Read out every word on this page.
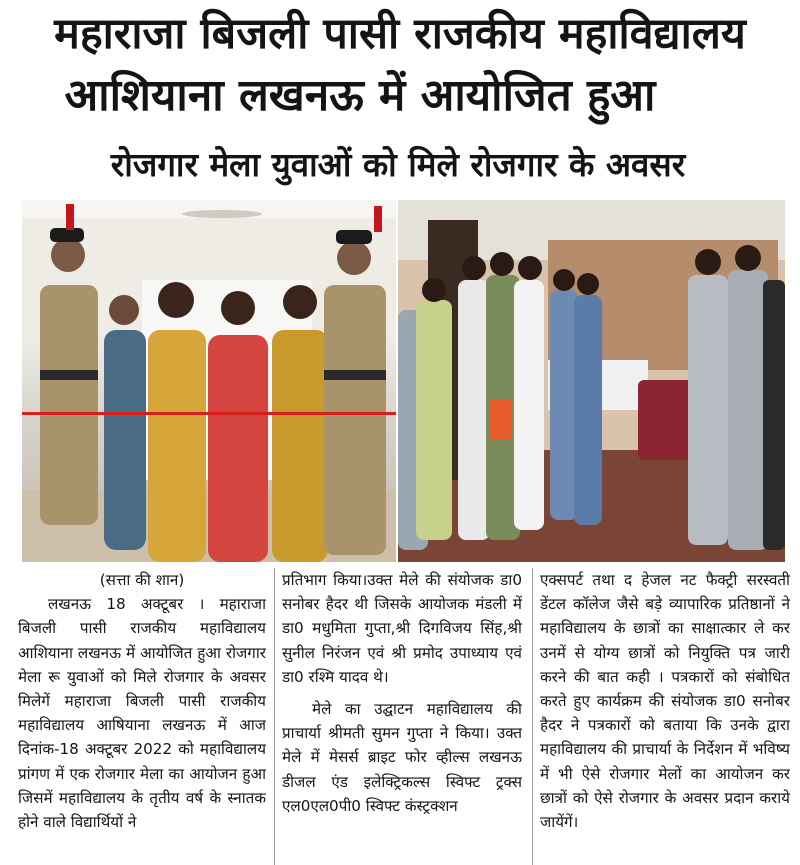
महाराजा बिजली पासी राजकीय महाविद्यालय
आशियाना लखनऊ में आयोजित हुआ
रोजगार मेला युवाओं को मिले रोजगार के अवसर

(सत्ता की शान)

लखनऊ 18 अक्टूबर । महाराजा बिजली पासी राजकीय महाविद्यालय आशियाना लखनऊ में आयोजित हुआ रोजगार मेला रू युवाओं को मिले रोजगार के अवसर मिलेगें महाराजा बिजली पासी राजकीय महाविद्यालय आषियाना लखनऊ में आज दिनांक-18 अक्टूबर 2022 को महाविद्यालय प्रांगण में एक रोजगार मेला का आयोजन हुआ जिसमें महाविद्यालय के तृतीय वर्ष के स्नातक होने वाले विद्यार्थियों ने

प्रतिभाग किया।उक्त मेले की संयोजक डा0 सनोबर हैदर थी जिसके आयोजक मंडली में डा0 मधुमिता गुप्ता,श्री दिगविजय सिंह,श्री सुनील निरंजन एवं श्री प्रमोद उपाध्याय एवं डा0 रश्मि यादव थे।

मेले का उद्घाटन महाविद्यालय की प्राचार्या श्रीमती सुमन गुप्ता ने किया। उक्त मेले में मेसर्स ब्राइट फोर व्हील्स लखनऊ डीजल एंड इलेक्ट्रिकल्स स्विफ्ट ट्रक्स एल0एल0पी0 स्विफ्ट कंस्ट्रक्शन

एक्सपर्ट तथा द हेजल नट फैक्ट्री सरस्वती डेंटल कॉलेज जैसे बड़े व्यापारिक प्रतिष्ठानों ने महाविद्यालय के छात्रों का साक्षात्कार ले कर उनमें से योग्य छात्रों को नियुक्ति पत्र जारी करने की बात कही । पत्रकारों को संबोधित करते हुए कार्यक्रम की संयोजक डा0 सनोबर हैदर ने पत्रकारों को बताया कि उनके द्वारा महाविद्यालय की प्राचार्या के निर्देशन में भविष्य में भी ऐसे रोजगार मेलों का आयोजन कर छात्रों को ऐसे रोजगार के अवसर प्रदान कराये जायेंगें।
